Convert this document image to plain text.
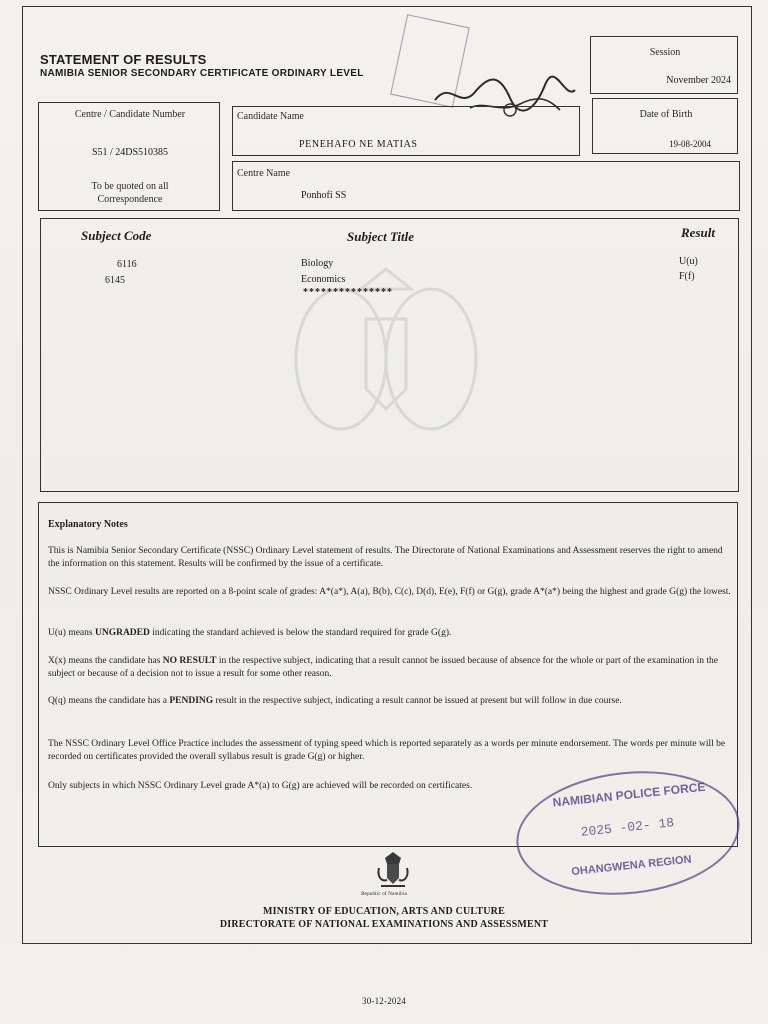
STATEMENT OF RESULTS
NAMIBIA SENIOR SECONDARY CERTIFICATE ORDINARY LEVEL
Session
November 2024
Date of Birth
19-08-2004
Centre / Candidate Number
S51 / 24DS510385
To be quoted on all
Correspondence
Candidate Name
PENEHAFO NE MATIAS
Centre Name
Ponhofi SS
Subject Code	Subject Title	Result
6116	Biology	U(u)
6145	Economics	F(f)
***************

Explanatory Notes

This is Namibia Senior Secondary Certificate (NSSC) Ordinary Level statement of results. The Directorate of National Examinations and Assessment reserves the right to amend the information on this statement. Results will be confirmed by the issue of a certificate.

NSSC Ordinary Level results are reported on a 8-point scale of grades: A*(a*), A(a), B(b), C(c), D(d), E(e), F(f) or G(g), grade A*(a*) being the highest and grade G(g) the lowest.

U(u) means UNGRADED indicating the standard achieved is below the standard required for grade G(g).

X(x) means the candidate has NO RESULT in the respective subject, indicating that a result cannot be issued because of absence for the whole or part of the examination in the subject or because of a decision not to issue a result for some other reason.

Q(q) means the candidate has a PENDING result in the respective subject, indicating a result cannot be issued at present but will follow in due course.

The NSSC Ordinary Level Office Practice includes the assessment of typing speed which is reported separately as a words per minute endorsement. The words per minute will be recorded on certificates provided the overall syllabus result is grade G(g) or higher.

Only subjects in which NSSC Ordinary Level grade A*(a) to G(g) are achieved will be recorded on certificates.	NAMIBIAN POLICE FORCE
2025 -02- 18
OHANGWENA REGION
Republic of Namibia
MINISTRY OF EDUCATION, ARTS AND CULTURE
DIRECTORATE OF NATIONAL EXAMINATIONS AND ASSESSMENT
30-12-2024
